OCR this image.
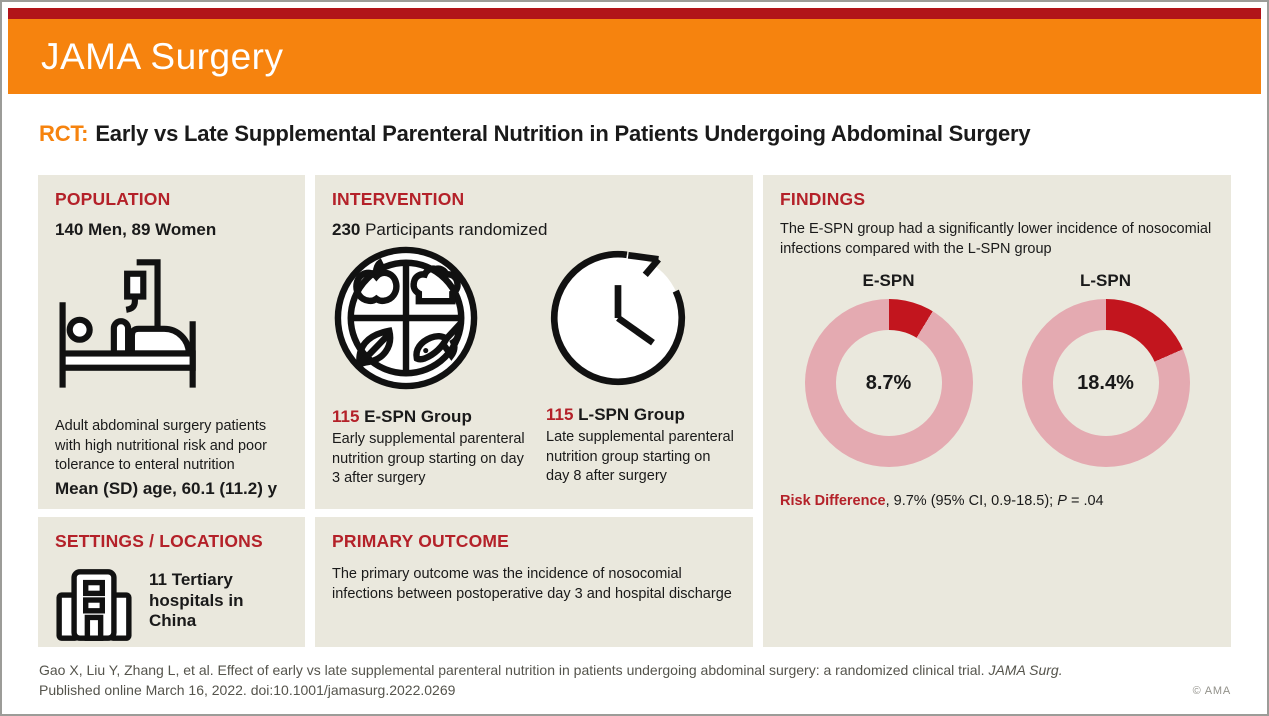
JAMA Surgery
RCT: Early vs Late Supplemental Parenteral Nutrition in Patients Undergoing Abdominal Surgery
POPULATION
140 Men, 89 Women

Adult abdominal surgery patients with high nutritional risk and poor tolerance to enteral nutrition

Mean (SD) age, 60.1 (11.2) y
INTERVENTION
230 Participants randomized
115 E-SPN Group

Early supplemental parenteral nutrition group starting on day 3 after surgery

115 L-SPN Group

Late supplemental parenteral nutrition group starting on day 8 after surgery

FINDINGS

The E-SPN group had a significantly lower incidence of nosocomial infections compared with the L-SPN group

E-SPN
8.7%
L-SPN
18.4%
Risk Difference, 9.7% (95% CI, 0.9-18.5); P = .04
SETTINGS / LOCATIONS
11 Tertiary hospitals in China
PRIMARY OUTCOME

The primary outcome was the incidence of nosocomial infections between postoperative day 3 and hospital discharge

Gao X, Liu Y, Zhang L, et al. Effect of early vs late supplemental parenteral nutrition in patients undergoing abdominal surgery: a randomized clinical trial. JAMA Surg.
Published online March 16, 2022. doi:10.1001/jamasurg.2022.0269	© AMA
